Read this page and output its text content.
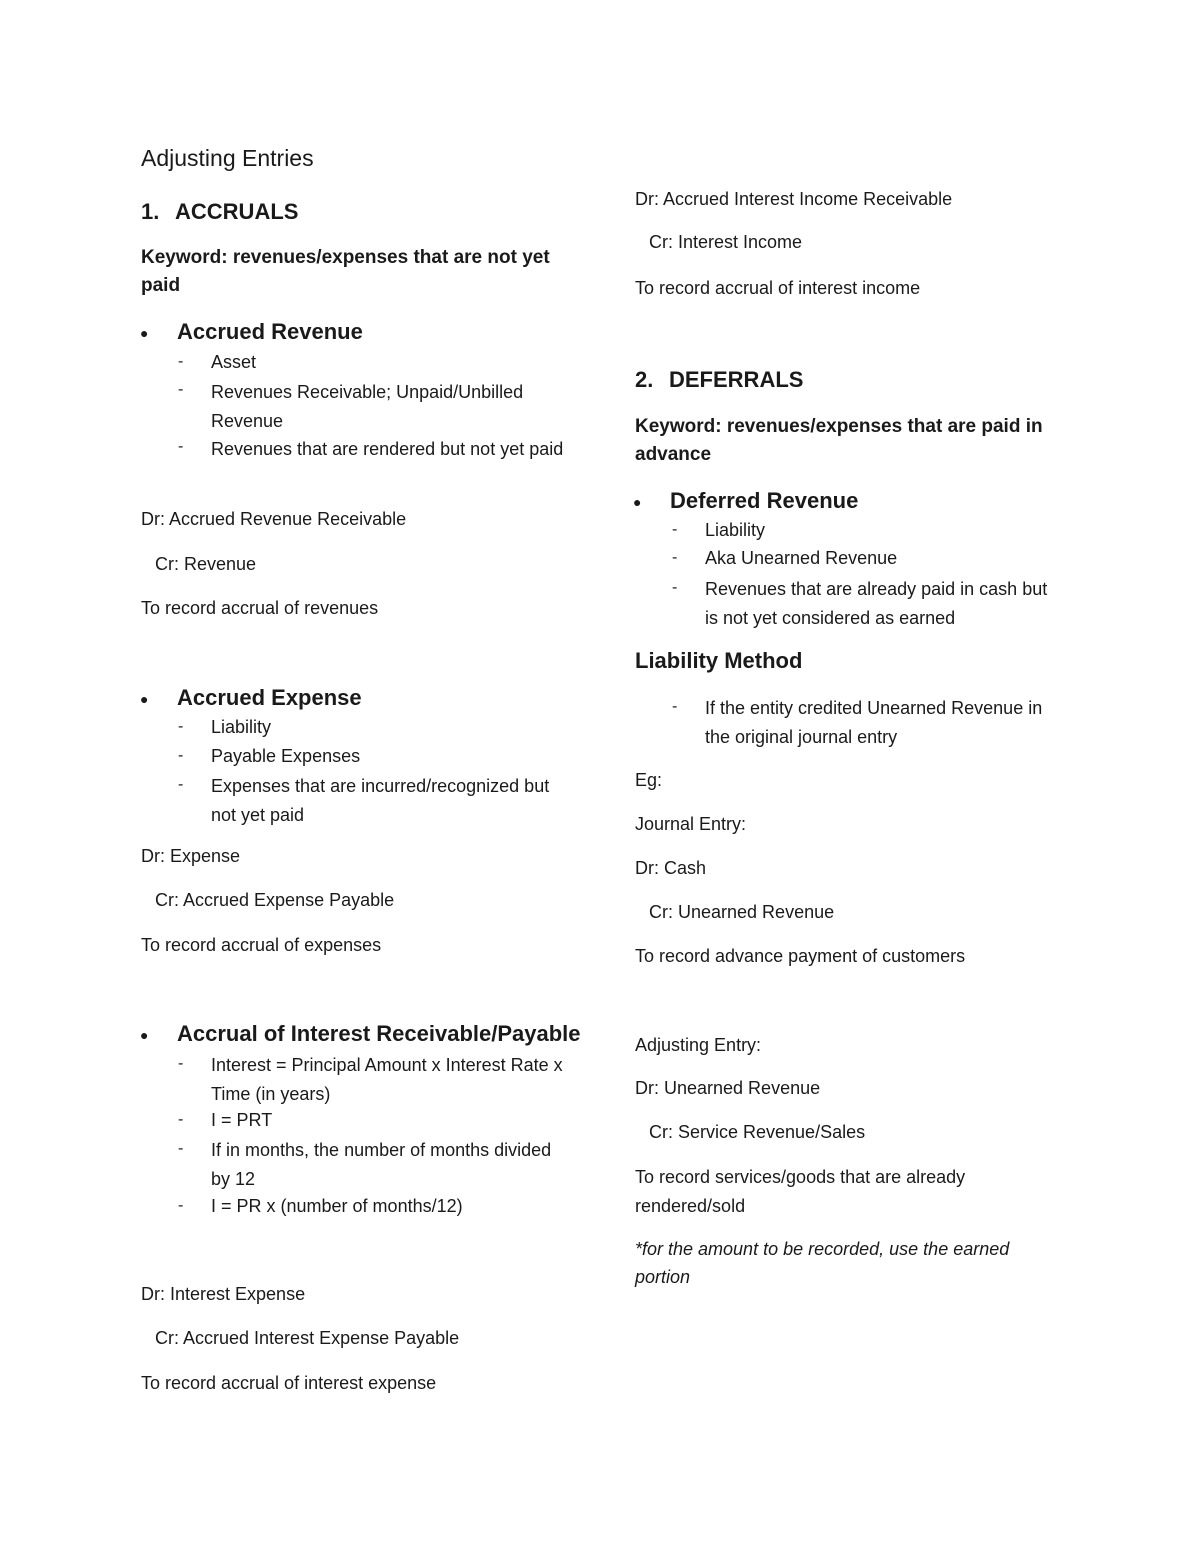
Adjusting Entries
1. ACCRUALS
Keyword: revenues/expenses that are not yet paid
● Accrued Revenue
- Asset
- Revenues Receivable; Unpaid/Unbilled Revenue
- Revenues that are rendered but not yet paid
Dr: Accrued Revenue Receivable
Cr: Revenue
To record accrual of revenues
● Accrued Expense
- Liability
- Payable Expenses
- Expenses that are incurred/recognized but not yet paid
Dr: Expense
Cr: Accrued Expense Payable
To record accrual of expenses
● Accrual of Interest Receivable/Payable
- Interest = Principal Amount x Interest Rate x Time (in years)
- I = PRT
- If in months, the number of months divided by 12
- I = PR x (number of months/12)
Dr: Interest Expense
Cr: Accrued Interest Expense Payable
To record accrual of interest expense
Dr: Accrued Interest Income Receivable
Cr: Interest Income
To record accrual of interest income
2. DEFERRALS
Keyword: revenues/expenses that are paid in advance
● Deferred Revenue
- Liability
- Aka Unearned Revenue
- Revenues that are already paid in cash but is not yet considered as earned
Liability Method
- If the entity credited Unearned Revenue in the original journal entry
Eg:
Journal Entry:
Dr: Cash
Cr: Unearned Revenue
To record advance payment of customers
Adjusting Entry:
Dr: Unearned Revenue
Cr: Service Revenue/Sales
To record services/goods that are already rendered/sold
*for the amount to be recorded, use the earned portion
